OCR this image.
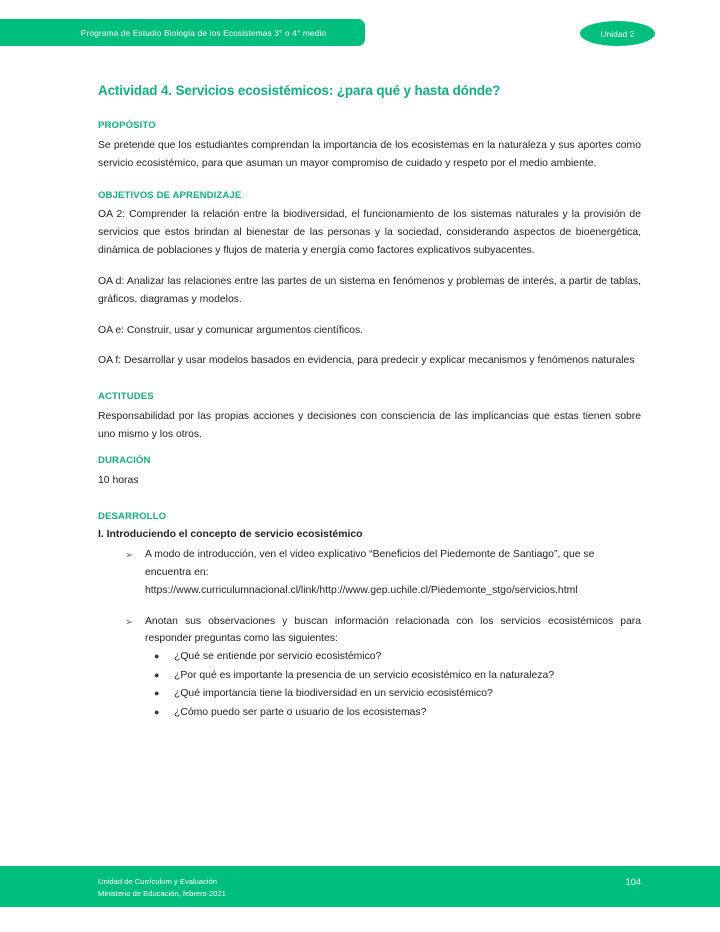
Programa de Estudio Biología de los Ecosistemas 3° o 4° medio	Unidad 2
Actividad 4. Servicios ecosistémicos: ¿para qué y hasta dónde?
PROPÓSITO

Se pretende que los estudiantes comprendan la importancia de los ecosistemas en la naturaleza y sus aportes como servicio ecosistémico, para que asuman un mayor compromiso de cuidado y respeto por el medio ambiente.

OBJETIVOS DE APRENDIZAJE

OA 2: Comprender la relación entre la biodiversidad, el funcionamiento de los sistemas naturales y la provisión de servicios que estos brindan al bienestar de las personas y la sociedad, considerando aspectos de bioenergética, dinámica de poblaciones y flujos de materia y energía como factores explicativos subyacentes.

OA d: Analizar las relaciones entre las partes de un sistema en fenómenos y problemas de interés, a partir de tablas, gráficos, diagramas y modelos.

OA e: Construir, usar y comunicar argumentos científicos.

OA f: Desarrollar y usar modelos basados en evidencia, para predecir y explicar mecanismos y fenómenos naturales

ACTITUDES

Responsabilidad por las propias acciones y decisiones con consciencia de las implicancias que estas tienen sobre uno mismo y los otros.

DURACIÓN

10 horas

DESARROLLO
I. Introduciendo el concepto de servicio ecosistémico
➢ A modo de introducción, ven el video explicativo “Beneficios del Piedemonte de Santiago”, que se encuentra en:
https://www.curriculumnacional.cl/link/http://www.gep.uchile.cl/Piedemonte_stgo/servicios.html
➢ Anotan sus observaciones y buscan información relacionada con los servicios ecosistémicos para responder preguntas como las siguientes:
● ¿Qué se entiende por servicio ecosistémico?
● ¿Por qué es importante la presencia de un servicio ecosistémico en la naturaleza?
● ¿Qué importancia tiene la biodiversidad en un servicio ecosistémico?
● ¿Cómo puedo ser parte o usuario de los ecosistemas?
Unidad de Currículum y Evaluación
Ministerio de Educación, febrero 2021
104
